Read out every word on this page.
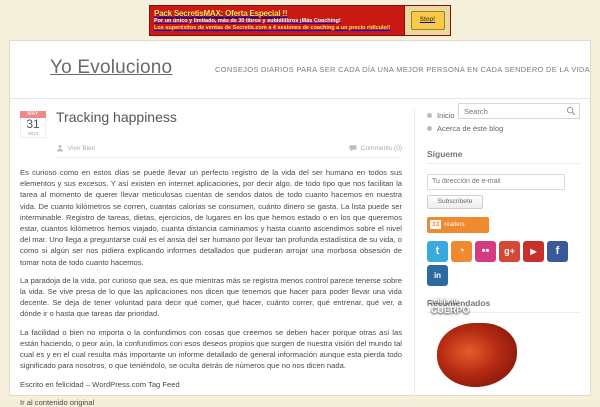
Pack SecretisMAX: Oferta Especial !!
Por un único y limitado, más de 30 libros y subidilibros ¡Más Coaching!
Los superéxitos de ventas de Secretis.com a 4 sesiones de coaching a un precio ridículo!!
Stop!
Yo Evoluciono	CONSEJOS DIARIOS PARA SER CADA DÍA UNA MEJOR PERSONA EN CADA SENDERO DE LA VIDA
Search
MAY
31
2013
Tracking happiness
Vivir Bien	Comments (0)

Es curioso como en estos días se puede llevar un perfecto registro de la vida del ser humano en todos sus elementos y sus excesos. Y así existen en internet aplicaciones, por decir algo, de todo tipo que nos facilitan la tarea al momento de querer llevar meticulosas cuentas de sendos datos de todo cuanto hacemos en nuestra vida. De cuanto kilómetros se corren, cuantas calorías se consumen, cuánto dinero se gasta. La lista puede ser interminable. Registro de tareas, dietas, ejercicios, de lugares en los que hemos estado o en los que queremos estar, cuantos kilómetros hemos viajado, cuanta distancia caminamos y hasta cuanto ascendimos sobre el nivel del mar. Uno llega a preguntarse cuál es el ansia del ser humano por llevar tan profunda estadística de su vida, o como si algún ser nos pidiera explicando informes detallados que pudieran arrojar una morbosa obsesión de tomar nota de todo cuanto hacemos.

La paradoja de la vida, por curioso que sea, es que mientras más se registra menos control parece tenerse sobre la vida. Se vive presa de lo que las aplicaciones nos dicen que tenemos que hacer para poder llevar una vida decente. Se deja de tener voluntad para decir qué comer, qué hacer, cuánto correr, qué entrenar, qué ver, a dónde ir o hasta que tareas dar prioridad.

La facilidad o bien no importa o la confundimos con cosas que creemos se deben hacer porque otras así las están haciendo, o peor aún, la confundimos con esos deseos propios que surgen de nuestra visión del mundo tal cual es y en el cual resulta más importante un informe detallado de general información aunque esta pierda todo significado para nosotros, o que teniéndolo, se oculta detrás de números que no nos dicen nada.

Escrito en felicidad – WordPress.com Tag Feed
Ir al contenido original
Inicio
Acerca de éste blog
Sígueme
Tu dirección de e-mail Subscríbete
33 readers
t	◔	••	g+	▶	f
in
Recomendados
